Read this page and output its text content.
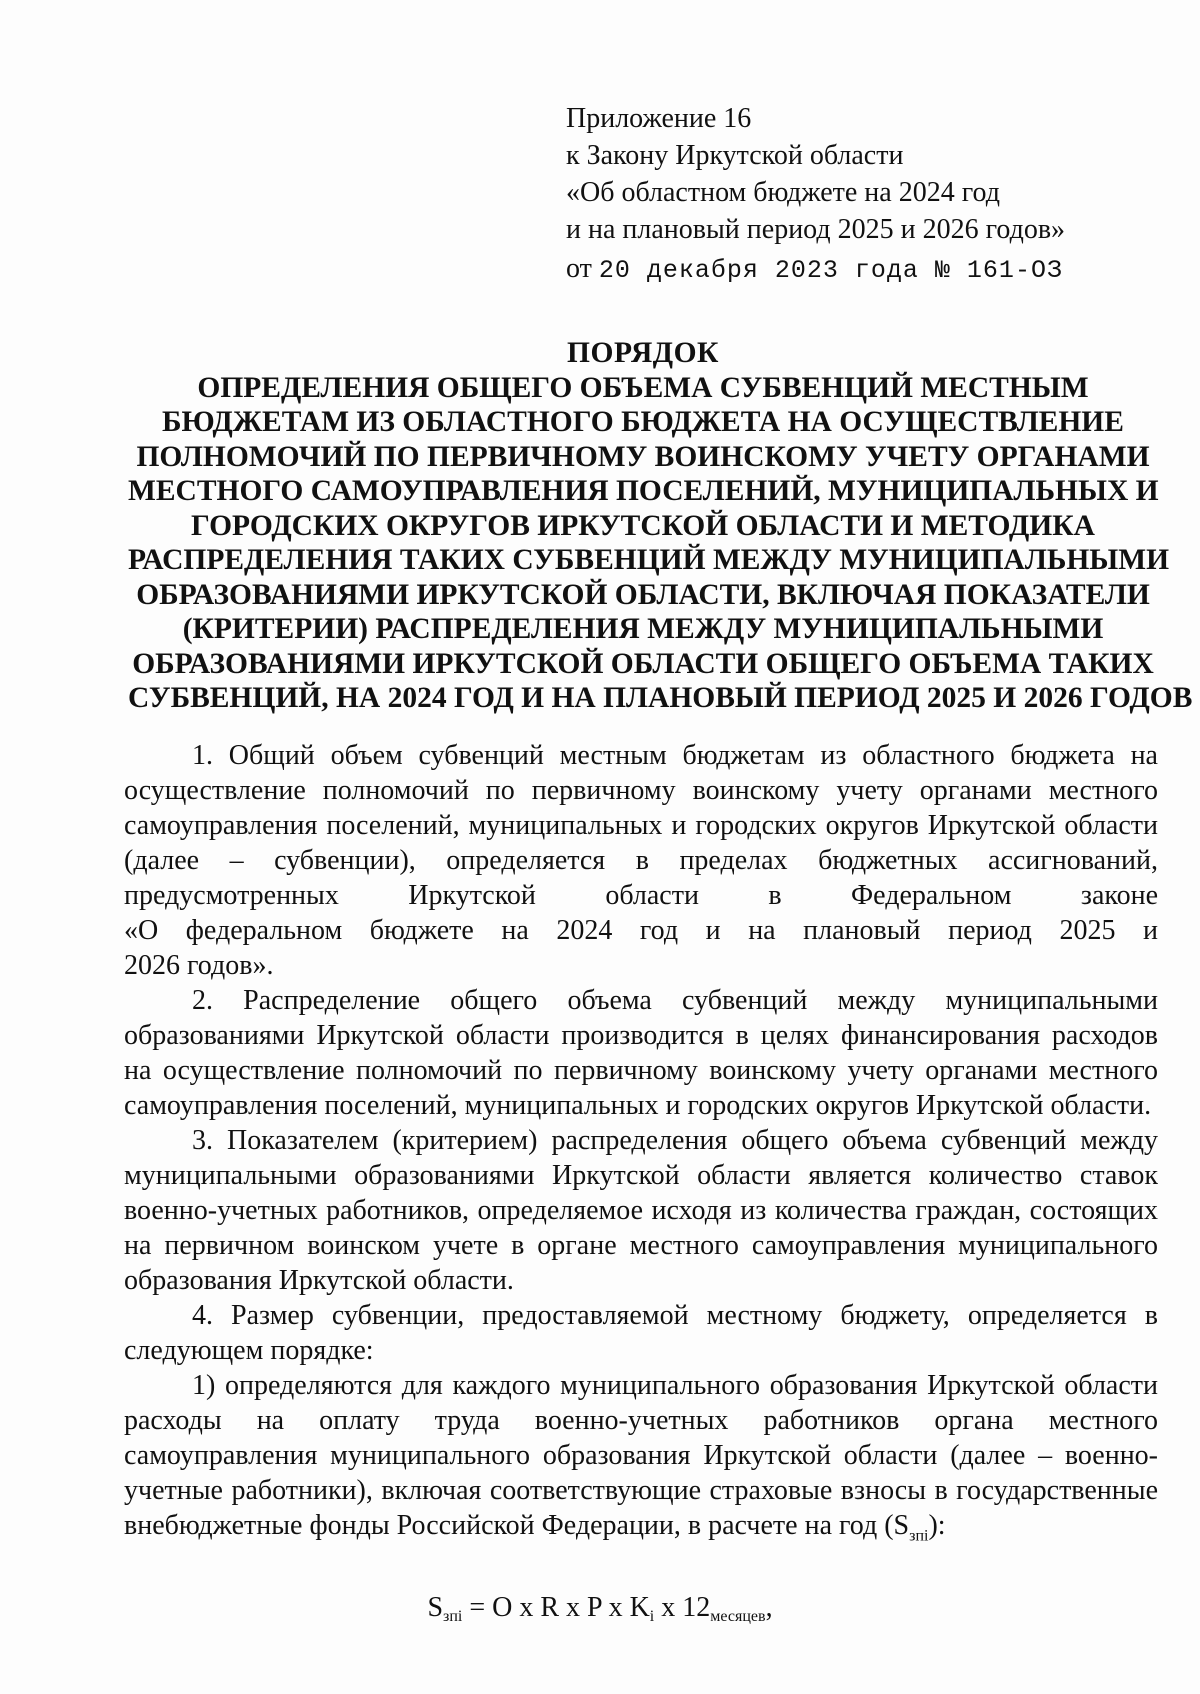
Приложение 16
к Закону Иркутской области
«Об областном бюджете на 2024 год
и на плановый период 2025 и 2026 годов»
от 20 декабря 2023 года № 161-ОЗ
ПОРЯДОК
ОПРЕДЕЛЕНИЯ ОБЩЕГО ОБЪЕМА СУБВЕНЦИЙ МЕСТНЫМ
БЮДЖЕТАМ ИЗ ОБЛАСТНОГО БЮДЖЕТА НА ОСУЩЕСТВЛЕНИЕ
ПОЛНОМОЧИЙ ПО ПЕРВИЧНОМУ ВОИНСКОМУ УЧЕТУ ОРГАНАМИ
МЕСТНОГО САМОУПРАВЛЕНИЯ ПОСЕЛЕНИЙ, МУНИЦИПАЛЬНЫХ И
ГОРОДСКИХ ОКРУГОВ ИРКУТСКОЙ ОБЛАСТИ И МЕТОДИКА
РАСПРЕДЕЛЕНИЯ ТАКИХ СУБВЕНЦИЙ МЕЖДУ МУНИЦИПАЛЬНЫМИ
ОБРАЗОВАНИЯМИ ИРКУТСКОЙ ОБЛАСТИ, ВКЛЮЧАЯ ПОКАЗАТЕЛИ
(КРИТЕРИИ) РАСПРЕДЕЛЕНИЯ МЕЖДУ МУНИЦИПАЛЬНЫМИ
ОБРАЗОВАНИЯМИ ИРКУТСКОЙ ОБЛАСТИ ОБЩЕГО ОБЪЕМА ТАКИХ
СУБВЕНЦИЙ, НА 2024 ГОД И НА ПЛАНОВЫЙ ПЕРИОД 2025 И 2026 ГОДОВ
1. Общий объем субвенций местным бюджетам из областного бюджета на
осуществление полномочий по первичному воинскому учету органами местного
самоуправления поселений, муниципальных и городских округов Иркутской области
(далее – субвенции), определяется в пределах бюджетных ассигнований,
предусмотренных Иркутской области в Федеральном законе
«О федеральном бюджете на 2024 год и на плановый период 2025 и
2026 годов».
2. Распределение общего объема субвенций между муниципальными
образованиями Иркутской области производится в целях финансирования расходов
на осуществление полномочий по первичному воинскому учету органами местного
самоуправления поселений, муниципальных и городских округов Иркутской области.
3. Показателем (критерием) распределения общего объема субвенций между
муниципальными образованиями Иркутской области является количество ставок
военно-учетных работников, определяемое исходя из количества граждан, состоящих
на первичном воинском учете в органе местного самоуправления муниципального
образования Иркутской области.
4. Размер субвенции, предоставляемой местному бюджету, определяется в
следующем порядке:
1) определяются для каждого муниципального образования Иркутской области
расходы на оплату труда военно-учетных работников органа местного
самоуправления муниципального образования Иркутской области (далее – военно-
учетные работники), включая соответствующие страховые взносы в государственные
внебюджетные фонды Российской Федерации, в расчете на год $(S_{зпi})$:
$S_{зпi} = O$ x R x P x $K_i$ x $12_{месяцев}$,
